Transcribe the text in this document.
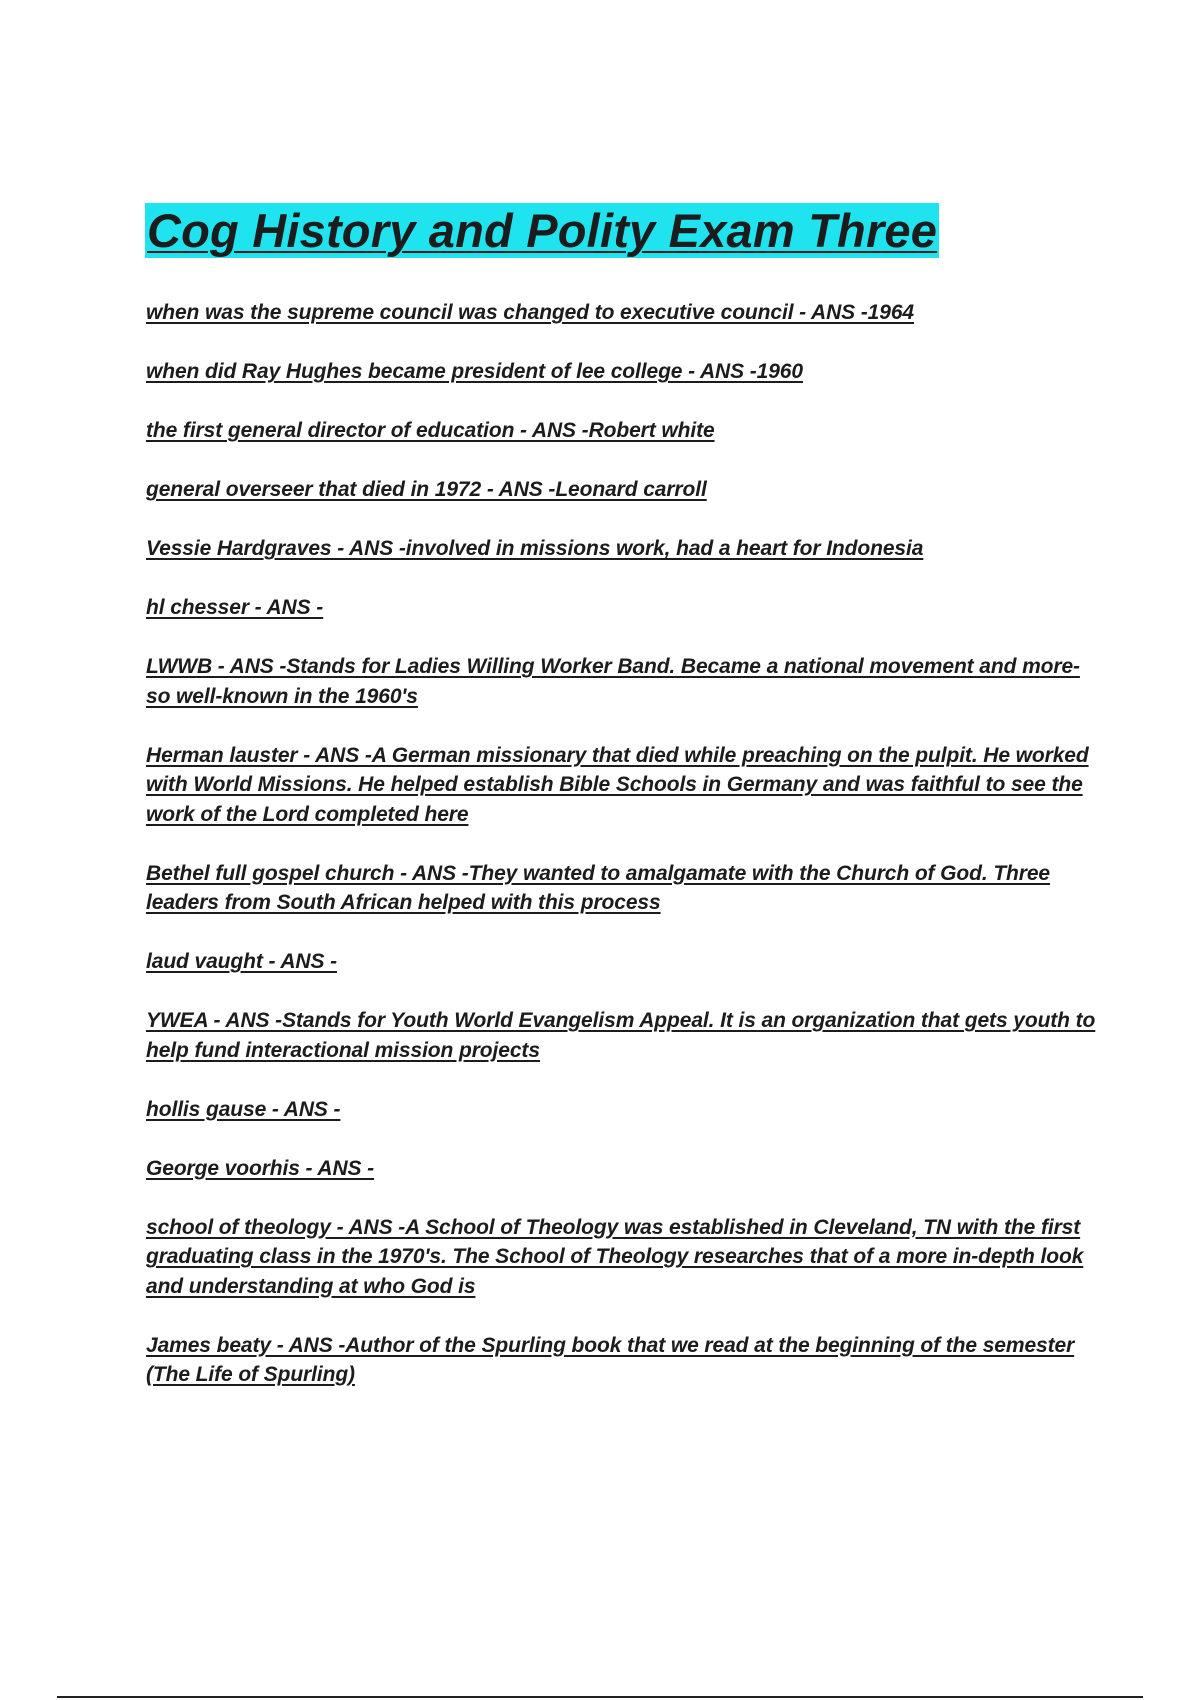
Cog History and Polity Exam Three
when was the supreme council was changed to executive council - ANS -1964
when did Ray Hughes became president of lee college - ANS -1960
the first general director of education - ANS -Robert white
general overseer that died in 1972 - ANS -Leonard carroll
Vessie Hardgraves - ANS -involved in missions work, had a heart for Indonesia
hl chesser - ANS -
LWWB - ANS -Stands for Ladies Willing Worker Band. Became a national movement and more-so well-known in the 1960's
Herman lauster - ANS -A German missionary that died while preaching on the pulpit. He worked with World Missions. He helped establish Bible Schools in Germany and was faithful to see the work of the Lord completed here
Bethel full gospel church - ANS -They wanted to amalgamate with the Church of God. Three leaders from South African helped with this process
laud vaught - ANS -
YWEA - ANS -Stands for Youth World Evangelism Appeal. It is an organization that gets youth to help fund interactional mission projects
hollis gause - ANS -
George voorhis - ANS -
school of theology - ANS -A School of Theology was established in Cleveland, TN with the first graduating class in the 1970's. The School of Theology researches that of a more in-depth look and understanding at who God is
James beaty - ANS -Author of the Spurling book that we read at the beginning of the semester (The Life of Spurling)
